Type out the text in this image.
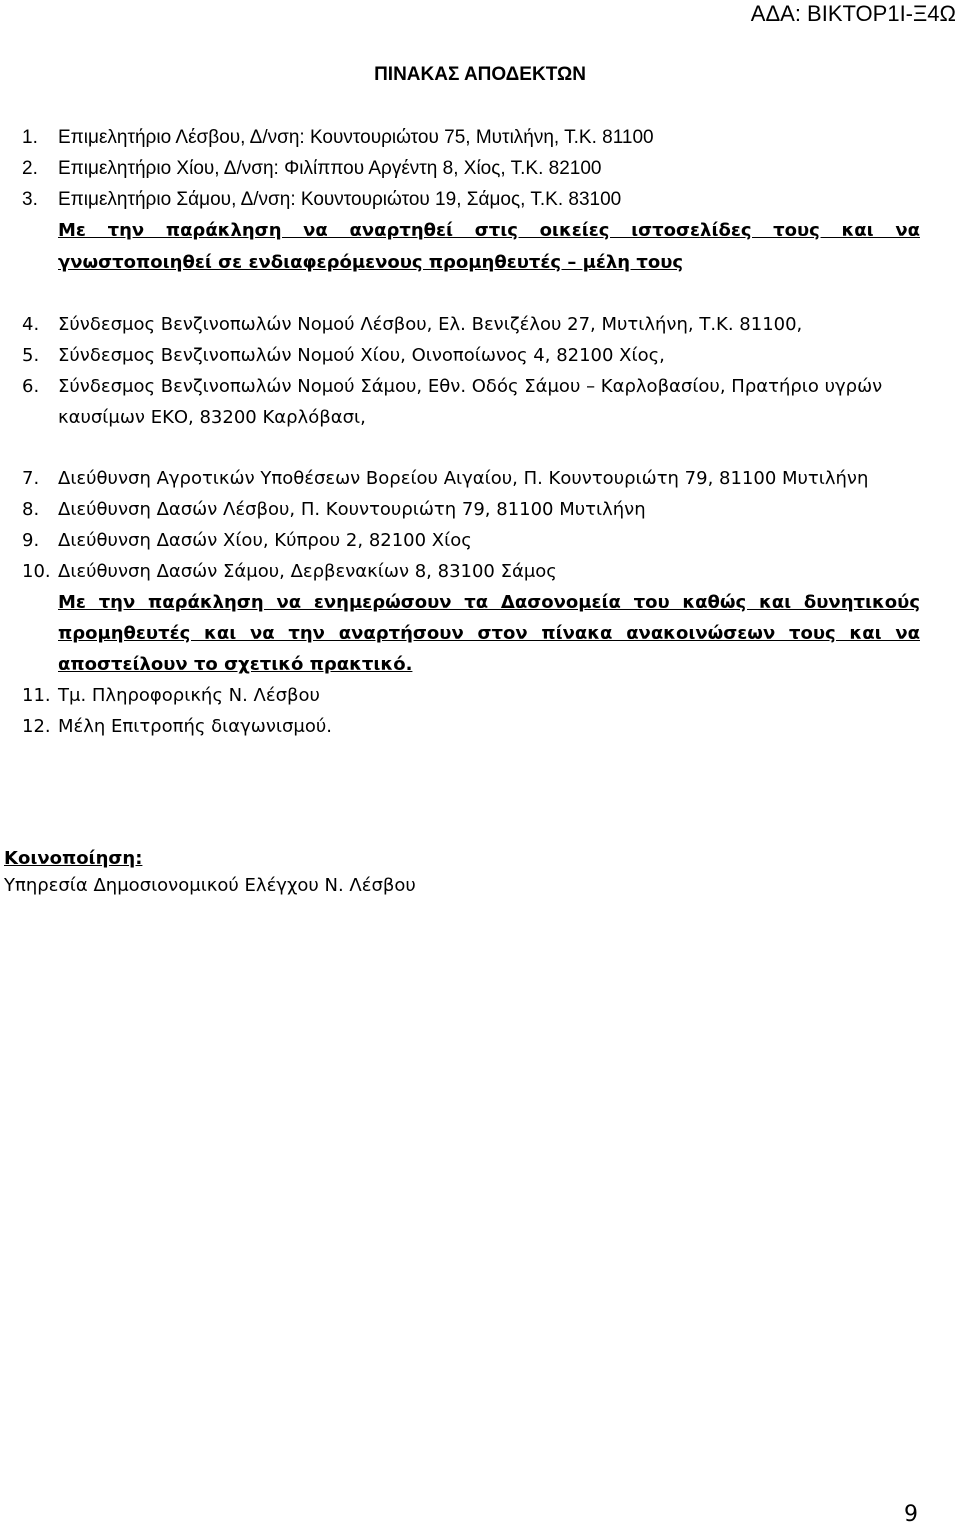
ΑΔΑ: ΒΙΚΤΟΡ1Ι-Ξ4Ω
ΠΙΝΑΚΑΣ ΑΠΟΔΕΚΤΩΝ
1. Επιμελητήριο Λέσβου, Δ/νση: Κουντουριώτου 75, Μυτιλήνη, Τ.Κ. 81100
2. Επιμελητήριο Χίου, Δ/νση: Φιλίππου Αργέντη 8, Χίος, Τ.Κ. 82100
3. Επιμελητήριο Σάμου, Δ/νση: Κουντουριώτου 19, Σάμος, Τ.Κ. 83100
Με την παράκληση να αναρτηθεί στις οικείες ιστοσελίδες τους και να
γνωστοποιηθεί σε ενδιαφερόμενους προμηθευτές – μέλη τους
4. Σύνδεσμος Βενζινοπωλών Νομού Λέσβου, Ελ. Βενιζέλου 27, Μυτιλήνη, Τ.Κ. 81100,
5. Σύνδεσμος Βενζινοπωλών Νομού Χίου, Οινοποίωνος 4, 82100 Χίος,
6. Σύνδεσμος Βενζινοπωλών Νομού Σάμου, Εθν. Οδός Σάμου – Καρλοβασίου, Πρατήριο υγρών
καυσίμων ΕΚΟ, 83200 Καρλόβασι,
7. Διεύθυνση Αγροτικών Υποθέσεων Βορείου Αιγαίου, Π. Κουντουριώτη 79, 81100 Μυτιλήνη
8. Διεύθυνση Δασών Λέσβου, Π. Κουντουριώτη 79, 81100 Μυτιλήνη
9. Διεύθυνση Δασών Χίου, Κύπρου 2, 82100 Χίος
10. Διεύθυνση Δασών Σάμου, Δερβενακίων 8, 83100 Σάμος
Με την παράκληση να ενημερώσουν τα Δασονομεία του καθώς και δυνητικούς
προμηθευτές και να την αναρτήσουν στον πίνακα ανακοινώσεων τους και να
αποστείλουν το σχετικό πρακτικό.
11. Τμ. Πληροφορικής Ν. Λέσβου
12. Μέλη Επιτροπής διαγωνισμού.
Κοινοποίηση:
Υπηρεσία Δημοσιονομικού Ελέγχου Ν. Λέσβου
9
